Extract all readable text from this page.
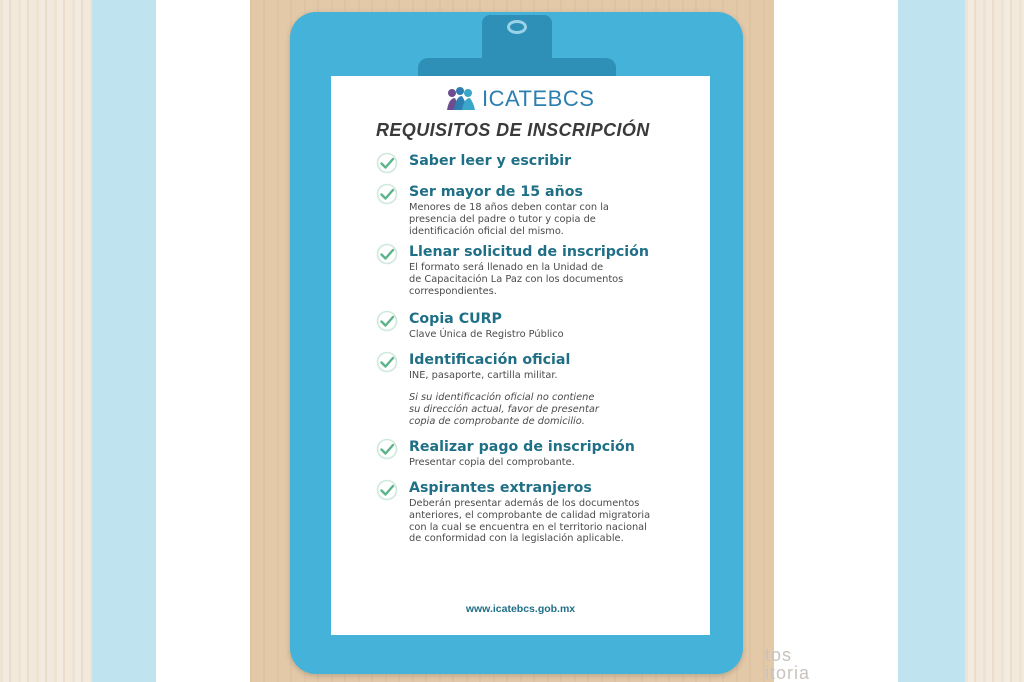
tos
itoria
ICATEBCS
REQUISITOS DE INSCRIPCIÓN
Saber leer y escribir
Ser mayor de 15 años
Menores de 18 años deben contar con la
presencia del padre o tutor y copia de
identificación oficial del mismo.
Llenar solicitud de inscripción
El formato será llenado en la Unidad de
de Capacitación La Paz con los documentos
correspondientes.
Copia CURP
Clave Única de Registro Público
Identificación oficial
INE, pasaporte, cartilla militar.
Si su identificación oficial no contiene
su dirección actual, favor de presentar
copia de comprobante de domicilio.
Realizar pago de inscripción
Presentar copia del comprobante.
Aspirantes extranjeros
Deberán presentar además de los documentos
anteriores, el comprobante de calidad migratoria
con la cual se encuentra en el territorio nacional
de conformidad con la legislación aplicable.
www.icatebcs.gob.mx
